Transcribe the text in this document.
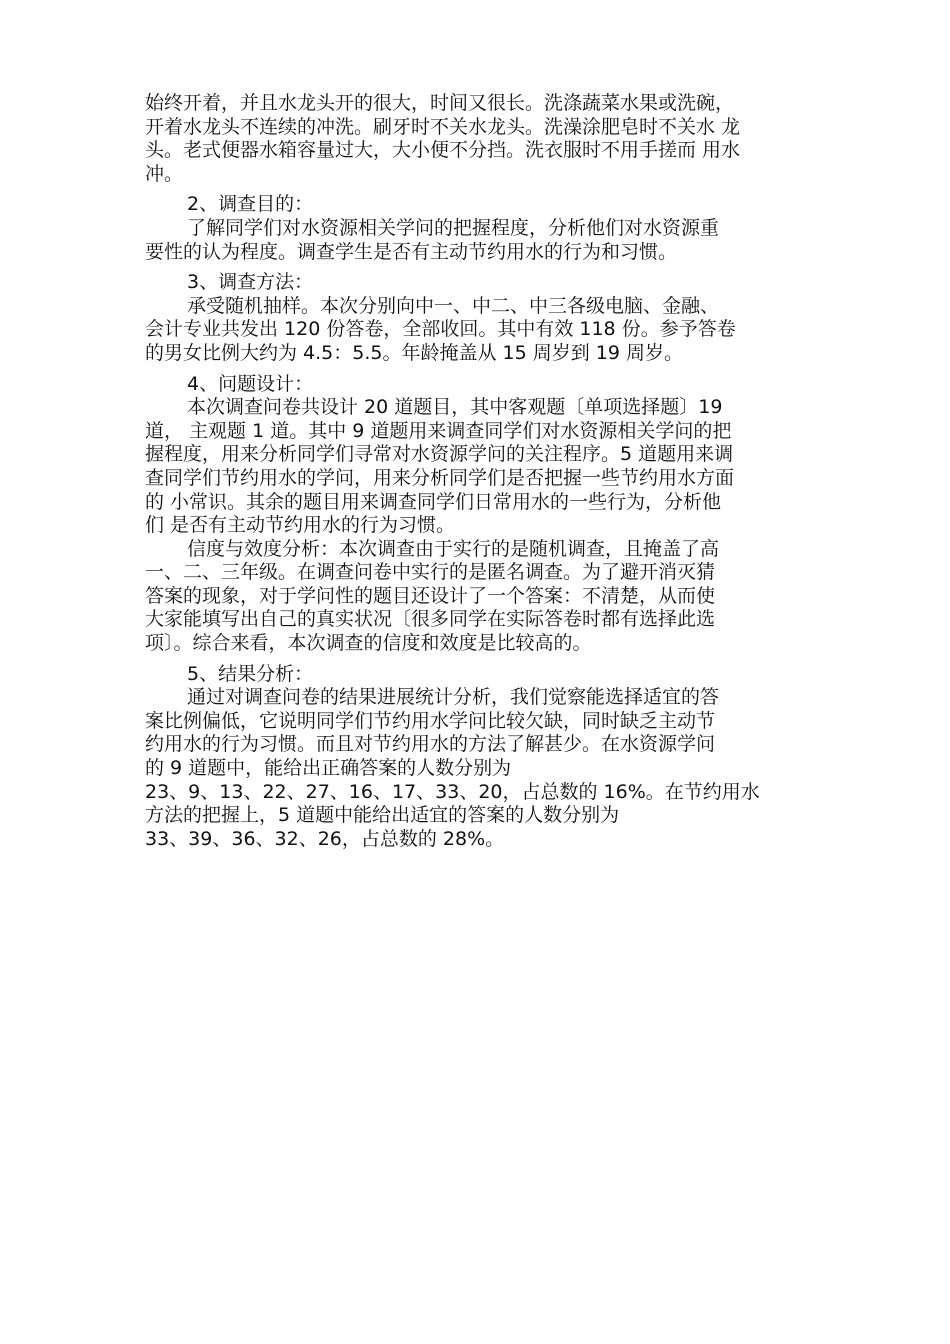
始终开着，并且水龙头开的很大，时间又很长。洗涤蔬菜水果或洗碗，
开着水龙头不连续的冲洗。刷牙时不关水龙头。洗澡涂肥皂时不关水 龙
头。老式便器水箱容量过大，大小便不分挡。洗衣服时不用手搓而 用水
冲。
2、调查目的：
了解同学们对水资源相关学问的把握程度，分析他们对水资源重
要性的认为程度。调查学生是否有主动节约用水的行为和习惯。
3、调查方法：
承受随机抽样。本次分别向中一、中二、中三各级电脑、金融、
会计专业共发出 120 份答卷，全部收回。其中有效 118 份。参予答卷
的男女比例大约为 4.5：5.5。年龄掩盖从 15 周岁到 19 周岁。
4、问题设计：
本次调查问卷共设计 20 道题目，其中客观题〔单项选择题〕19
道， 主观题 1 道。其中 9 道题用来调查同学们对水资源相关学问的把
握程度，用来分析同学们寻常对水资源学问的关注程序。5 道题用来调
查同学们节约用水的学问，用来分析同学们是否把握一些节约用水方面
的 小常识。其余的题目用来调查同学们日常用水的一些行为，分析他
们 是否有主动节约用水的行为习惯。
信度与效度分析：本次调查由于实行的是随机调查，且掩盖了高
一、二、三年级。在调查问卷中实行的是匿名调查。为了避开消灭猜
答案的现象，对于学问性的题目还设计了一个答案：不清楚，从而使
大家能填写出自己的真实状况〔很多同学在实际答卷时都有选择此选
项〕。综合来看，本次调查的信度和效度是比较高的。
5、结果分析：
通过对调查问卷的结果进展统计分析，我们觉察能选择适宜的答
案比例偏低，它说明同学们节约用水学问比较欠缺，同时缺乏主动节
约用水的行为习惯。而且对节约用水的方法了解甚少。在水资源学问
的 9 道题中，能给出正确答案的人数分别为
23、9、13、22、27、16、17、33、20，占总数的 16%。在节约用水
方法的把握上，5 道题中能给出适宜的答案的人数分别为
33、39、36、32、26，占总数的 28%。
